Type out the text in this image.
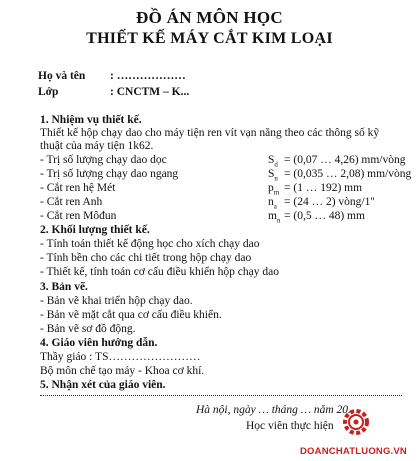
ĐỒ ÁN MÔN HỌC
THIẾT KẾ MÁY CẮT KIM LOẠI
Họ và tên : ………………
Lớp	: CNCTM – K...
1. Nhiệm vụ thiết kế.
Thiết kế hộp chạy dao cho máy tiện ren vít vạn năng theo các thông số kỹ
thuật của máy tiện 1k62.
- Trị số lượng chạy dao dọc	$S_d = (0,07$ … 4,26) mm/vòng
- Trị số lượng chạy dao ngang	$S_n = (0,035$ … 2,08) mm/vòng
- Cắt ren hệ Mét	$p_m = (1$ … 192) mm
- Cắt ren Anh	$n_a = (24$ … 2) vòng/1''
- Cắt ren Môđun	$m_n = (0,5$ … 48) mm
2. Khối lượng thiết kế.
- Tính toán thiết kế động học cho xích chạy dao
- Tính bền cho các chi tiết trong hộp chạy dao
- Thiết kế, tính toán cơ cấu điều khiển hộp chạy dao
3. Bản vẽ.
- Bản vẽ khai triển hộp chạy dao.
- Bản vẽ mặt cắt qua cơ cấu điều khiển.
- Bản vẽ sơ đồ động.
4. Giáo viên hướng dẫn.
Thầy giáo : TS……………………
Bộ môn chế tạo máy - Khoa cơ khí.
5. Nhận xét của giáo viên.
Hà nội, ngày … tháng … năm 20…
Học viên thực hiện
DOANCHATLUONG.VN
